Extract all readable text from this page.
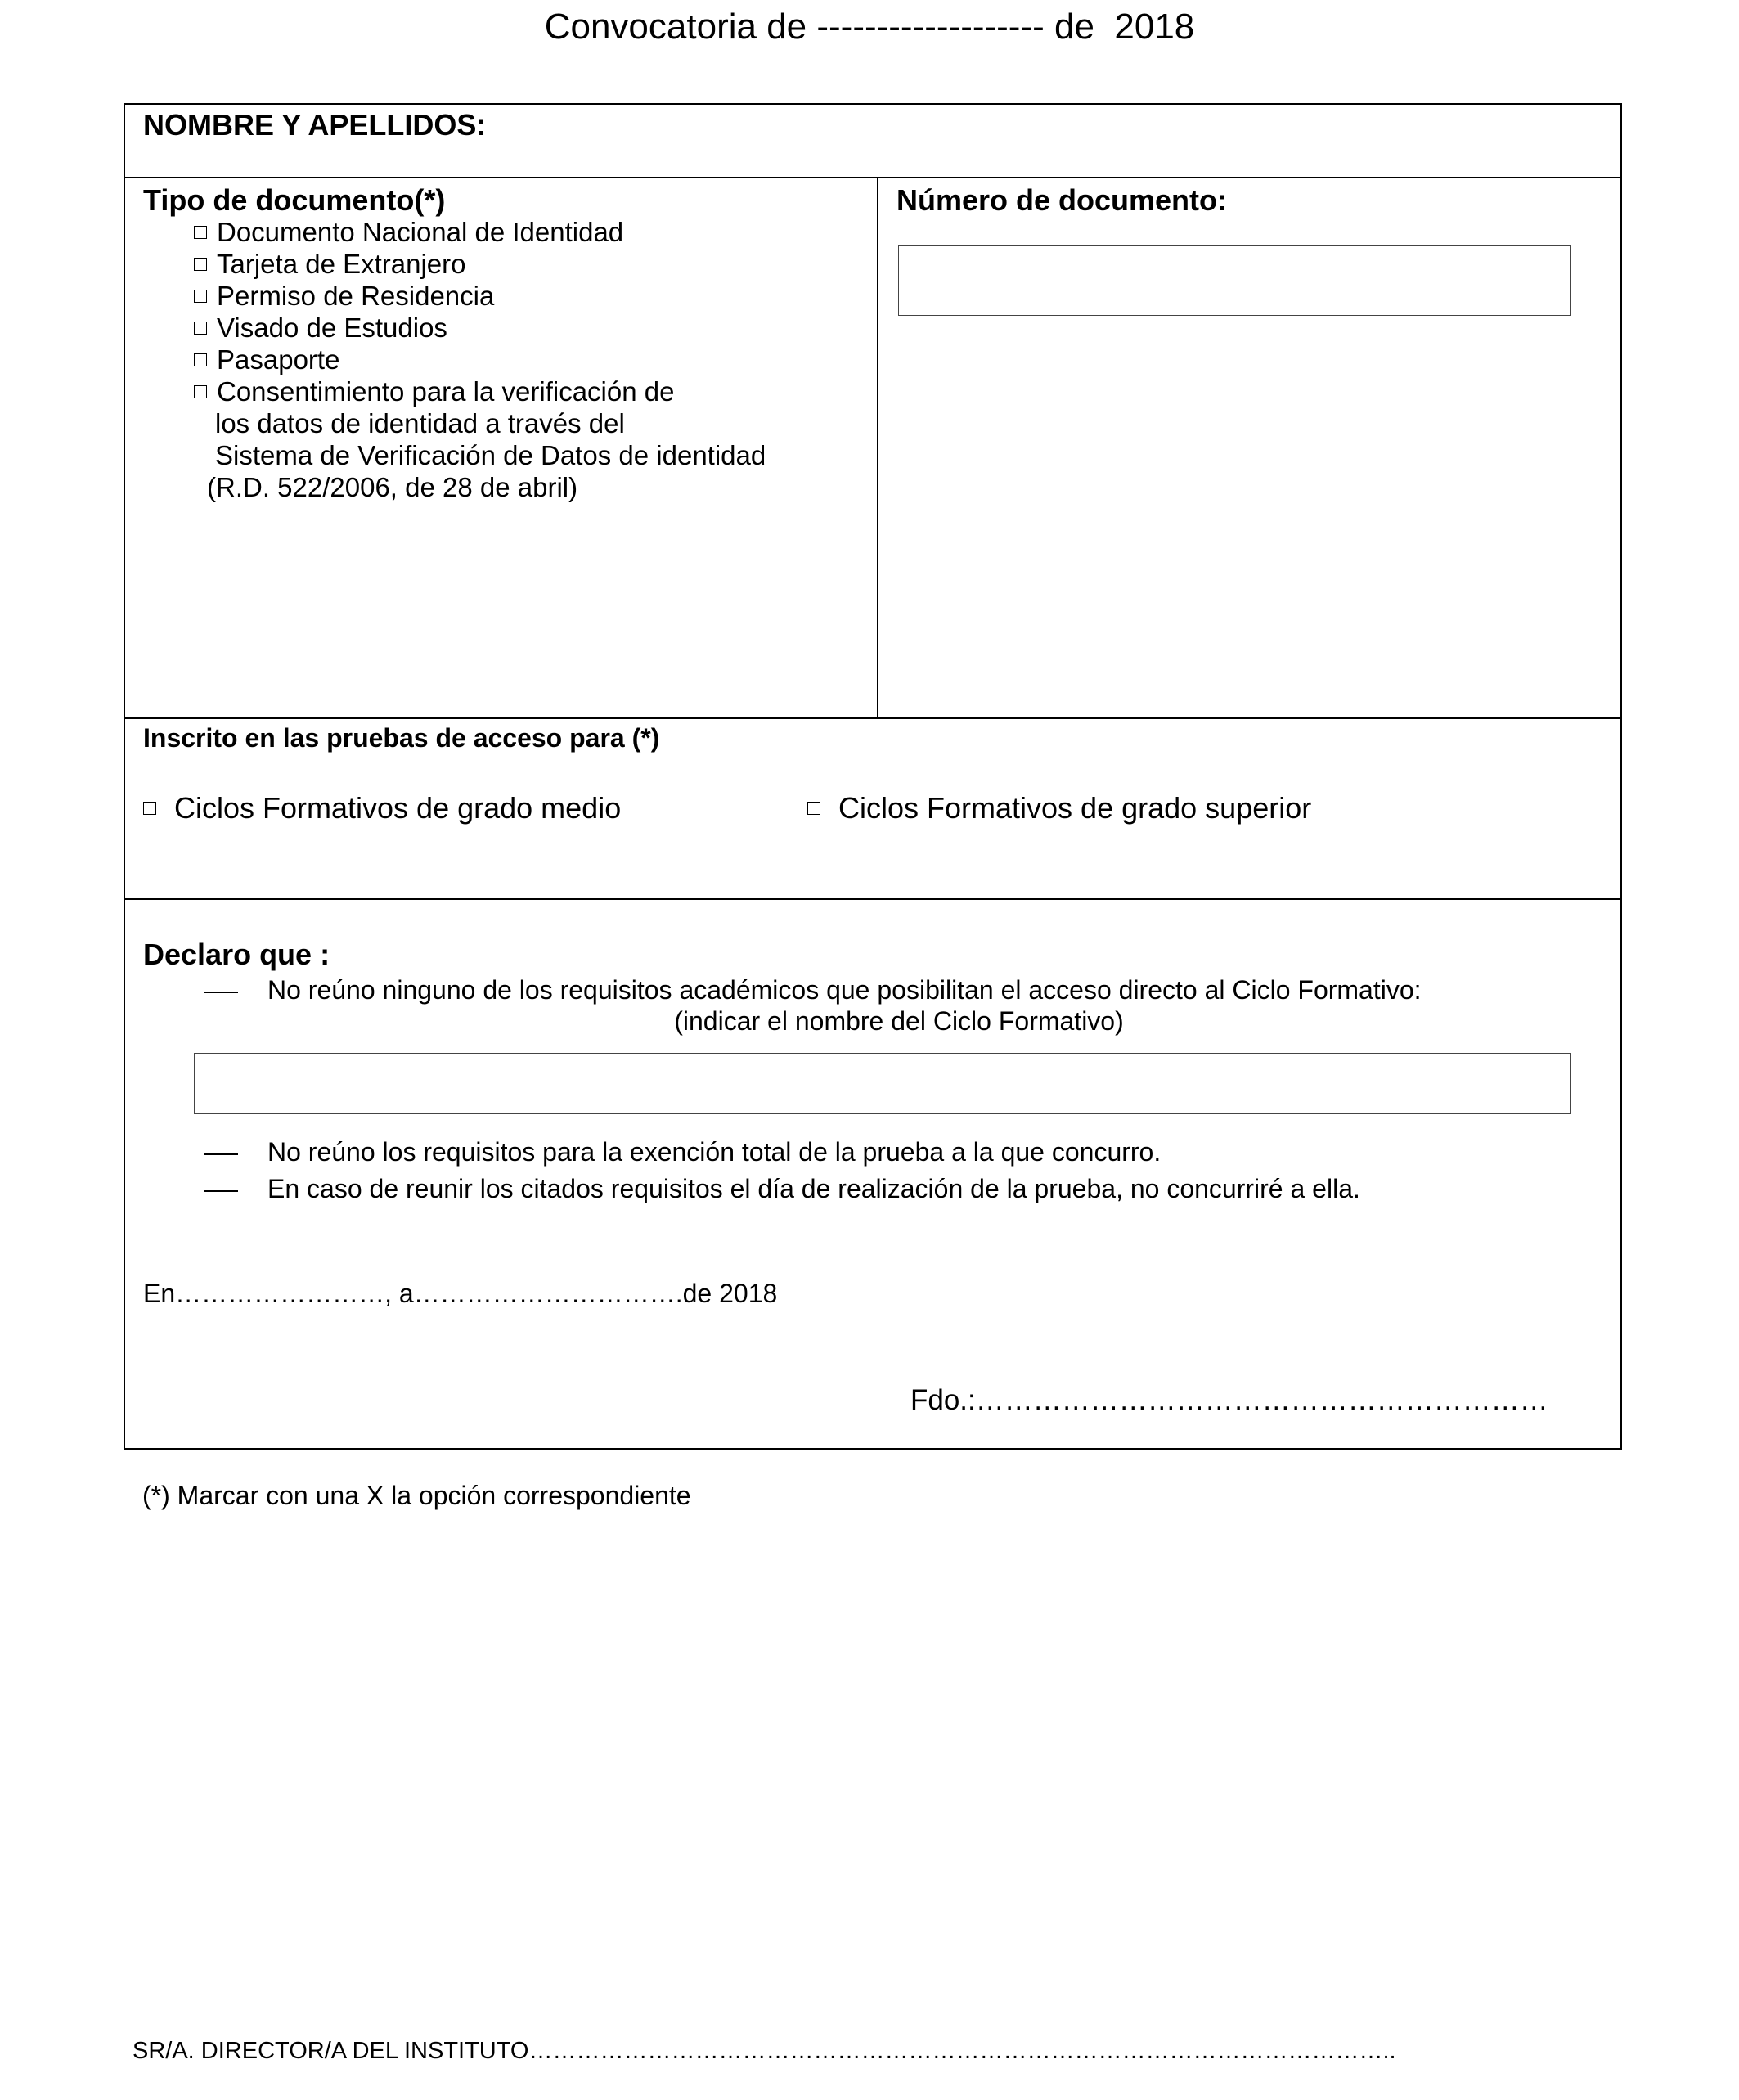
Convocatoria de ------------------- de  2018
NOMBRE Y APELLIDOS:
Tipo de documento(*)
Documento Nacional de Identidad
Tarjeta de Extranjero
Permiso de Residencia
Visado de Estudios
Pasaporte
Consentimiento para la verificación de
los datos de identidad a través del
Sistema de Verificación de Datos de identidad
(R.D. 522/2006, de 28 de abril)
Número de documento:
Inscrito en las pruebas de acceso para (*)
Ciclos Formativos de grado medio	Ciclos Formativos de grado superior
Declaro que :
No reúno ninguno de los requisitos académicos que posibilitan el acceso directo al Ciclo Formativo:
(indicar el nombre del Ciclo Formativo)
No reúno los requisitos para la exención total de la prueba a la que concurro.
En caso de reunir los citados requisitos el día de realización de la prueba, no concurriré a ella.
En……………………, a………………………….de 2018
Fdo.:……………………………………………………
(*) Marcar con una X la opción correspondiente
SR/A. DIRECTOR/A DEL INSTITUTO………………………………………………………………………………………………..
